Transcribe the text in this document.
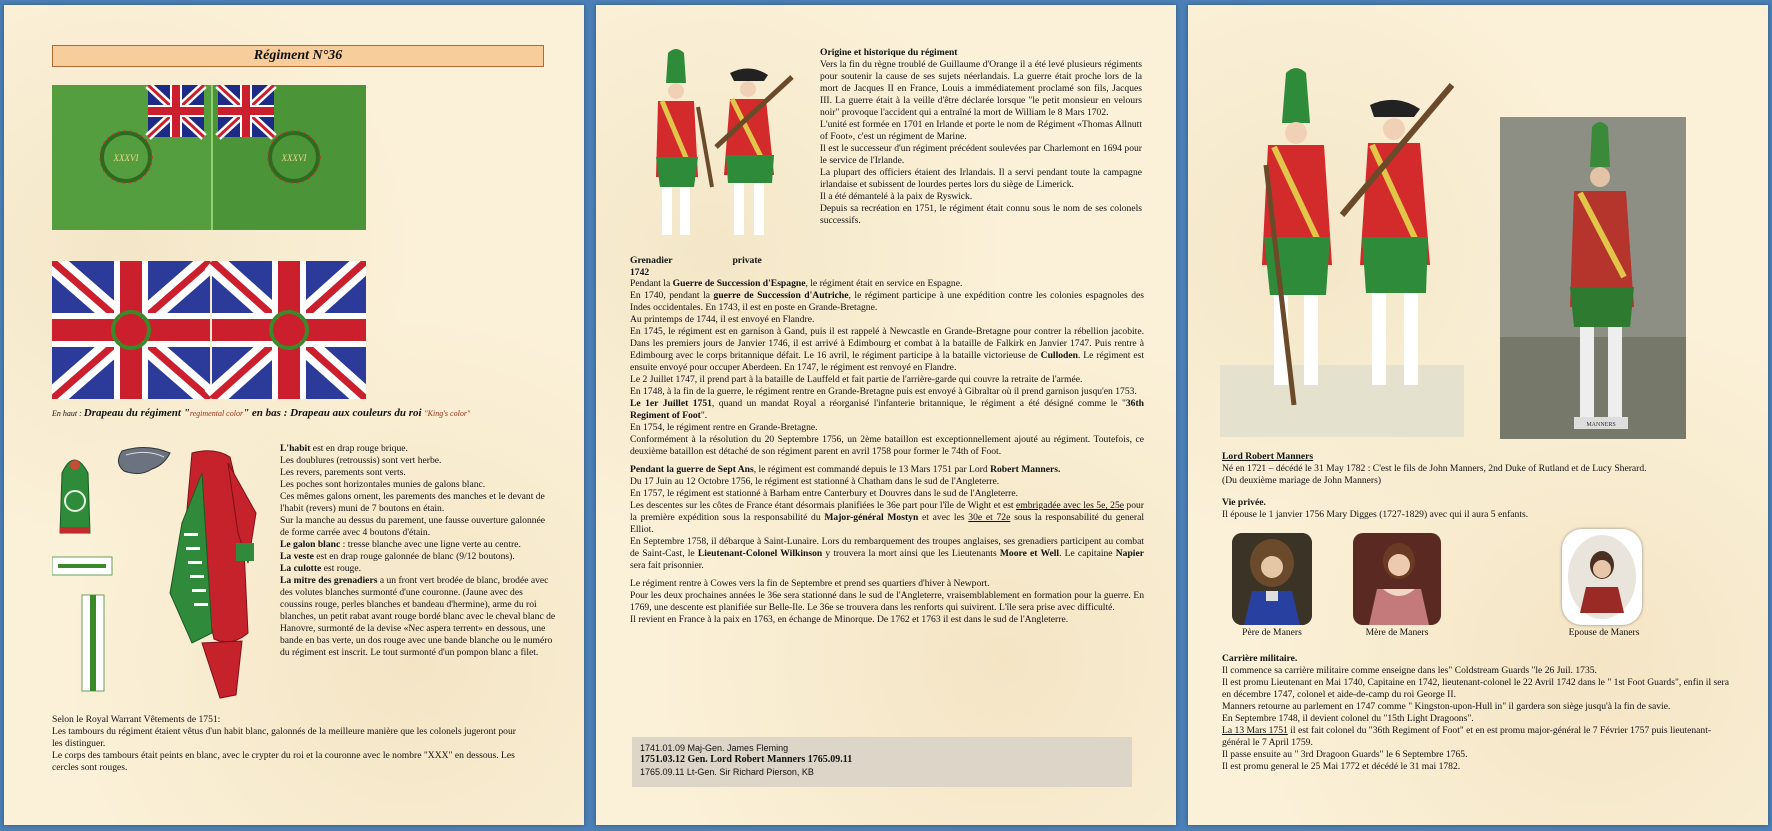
Régiment N°36
XXXVI	XXXVI
En haut : Drapeau du régiment "regimental color" en bas : Drapeau aux couleurs du roi "King's color"

L'habit est en drap rouge brique.

Les doublures (retroussis) sont vert herbe.

Les revers, parements sont verts.

Les poches sont horizontales munies de galons blanc.

Ces mêmes galons ornent, les parements des manches et le devant de l'habit (revers) muni de 7 boutons en étain.

Sur la manche au dessus du parement, une fausse ouverture galonnée de forme carrée avec 4 boutons d'étain.

Le galon blanc : tresse blanche avec une ligne verte au centre.

La veste est en drap rouge galonnée de blanc (9/12 boutons).

La culotte est rouge.

La mitre des grenadiers a un front vert brodée de blanc, brodée avec des volutes blanches surmonté d'une couronne. (Jaune avec des coussins rouge, perles blanches et bandeau d'hermine), arme du roi blanches, un petit rabat avant rouge bordé blanc avec le cheval blanc de Hanovre, surmonté de la devise «Nec aspera terrent» en dessous, une bande en bas verte, un dos rouge avec une bande blanche ou le numéro du régiment est inscrit. Le tout surmonté d'un pompon blanc a filet.

Selon le Royal Warrant Vêtements de 1751:

Les tambours du régiment étaient vêtus d'un habit blanc, galonnés de la meilleure manière que les colonels jugeront pour les distinguer.

Le corps des tambours était peints en blanc, avec le crypter du roi et la couronne avec le nombre "XXX" en dessous. Les cercles sont rouges.

Grenadier	private1742

Origine et historique du régiment

Vers la fin du règne troublé de Guillaume d'Orange il a été levé plusieurs régiments pour soutenir la cause de ses sujets néerlandais. La guerre était proche lors de la mort de Jacques II en France, Louis a immédiatement proclamé son fils, Jacques III. La guerre était à la veille d'être déclarée lorsque "le petit monsieur en velours noir" provoque l'accident qui a entraîné la mort de William le 8 Mars 1702.

L'unité est formée en 1701 en Irlande et porte le nom de Régiment «Thomas Allnutt of Foot», c'est un régiment de Marine.

Il est le successeur d'un régiment précédent soulevées par Charlemont en 1694 pour le service de l'Irlande.

La plupart des officiers étaient des Irlandais. Il a servi pendant toute la campagne irlandaise et subissent de lourdes pertes lors du siège de Limerick.

Il a été démantelé à la paix de Ryswick.

Depuis sa recréation en 1751, le régiment était connu sous le nom de ses colonels successifs.

Pendant la Guerre de Succession d'Espagne, le régiment était en service en Espagne.

En 1740, pendant la guerre de Succession d'Autriche, le régiment participe à une expédition contre les colonies espagnoles des Indes occidentales. En 1743, il est en poste en Grande-Bretagne.

Au printemps de 1744, il est envoyé en Flandre.

En 1745, le régiment est en garnison à Gand, puis il est rappelé à Newcastle en Grande-Bretagne pour contrer la rébellion jacobite. Dans les premiers jours de Janvier 1746, il est arrivé à Edimbourg et combat à la bataille de Falkirk en Janvier 1747. Puis rentre à Edimbourg avec le corps britannique défait. Le 16 avril, le régiment participe à la bataille victorieuse de Culloden. Le régiment est ensuite envoyé pour occuper Aberdeen. En 1747, le régiment est renvoyé en Flandre.

Le 2 Juillet 1747, il prend part à la bataille de Lauffeld et fait partie de l'arrière-garde qui couvre la retraite de l'armée.

En 1748, à la fin de la guerre, le régiment rentre en Grande-Bretagne puis est envoyé à Gibraltar où il prend garnison jusqu'en 1753.

Le 1er Juillet 1751, quand un mandat Royal a réorganisé l'infanterie britannique, le régiment a été désigné comme le "36th Regiment of Foot".

En 1754, le régiment rentre en Grande-Bretagne.

Conformément à la résolution du 20 Septembre 1756, un 2ème bataillon est exceptionnellement ajouté au régiment. Toutefois, ce deuxième bataillon est détaché de son régiment parent en avril 1758 pour former le 74th of Foot.

Pendant la guerre de Sept Ans, le régiment est commandé depuis le 13 Mars 1751 par Lord Robert Manners.

Du 17 Juin au 12 Octobre 1756, le régiment est stationné à Chatham dans le sud de l'Angleterre.

En 1757, le régiment est stationné à Barham entre Canterbury et Douvres dans le sud de l'Angleterre.

Les descentes sur les côtes de France étant désormais planifiées le 36e part pour l'île de Wight et est embrigadée avec les 5e, 25e pour la première expédition sous la responsabilité du Major-général Mostyn et avec les 30e et 72e sous la responsabilité du general Elliot.

En Septembre 1758, il débarque à Saint-Lunaire. Lors du rembarquement des troupes anglaises, ses grenadiers participent au combat de Saint-Cast, le Lieutenant-Colonel Wilkinson y trouvera la mort ainsi que les Lieutenants Moore et Well. Le capitaine Napier sera fait prisonnier.

Le régiment rentre à Cowes vers la fin de Septembre et prend ses quartiers d'hiver à Newport.

Pour les deux prochaines années le 36e sera stationné dans le sud de l'Angleterre, vraisemblablement en formation pour la guerre. En 1769, une descente est planifiée sur Belle-Ile. Le 36e se trouvera dans les renforts qui suivirent. L'île sera prise avec difficulté.

Il revient en France à la paix en 1763, en échange de Minorque. De 1762 et 1763 il est dans le sud de l'Angleterre.

1741.01.09 Maj-Gen. James Fleming

1751.03.12 Gen. Lord Robert Manners 1765.09.11

1765.09.11 Lt-Gen. Sir Richard Pierson, KB

MANNERS

Lord Robert Manners

Né en 1721 – décédé le 31 May 1782 : C'est le fils de John Manners, 2nd Duke of Rutland et de Lucy Sherard.

(Du deuxième mariage de John Manners)

Vie privée.

Il épouse le 1 janvier 1756 Mary Digges (1727-1829) avec qui il aura 5 enfants.

Père de Maners	Mère de Maners	Epouse de Maners

Carrière militaire.

Il commence sa carrière militaire comme enseigne dans les" Coldstream Guards "le 26 Juil. 1735.

Il est promu Lieutenant en Mai 1740, Capitaine en 1742, lieutenant-colonel le 22 Avril 1742 dans le " 1st Foot Guards", enfin il sera en décembre 1747, colonel et aide-de-camp du roi George II.

Manners retourne au parlement en 1747 comme " Kingston-upon-Hull in" il gardera son siège jusqu'à la fin de savie.

En Septembre 1748, il devient colonel du "15th Light Dragoons".

La 13 Mars 1751 il est fait colonel du "36th Regiment of Foot" et en est promu major-général le 7 Février 1757 puis lieutenant-général le 7 April 1759.

Il passe ensuite au " 3rd Dragoon Guards" le 6 Septembre 1765.

Il est promu general le 25 Mai 1772 et décédé le 31 mai 1782.
